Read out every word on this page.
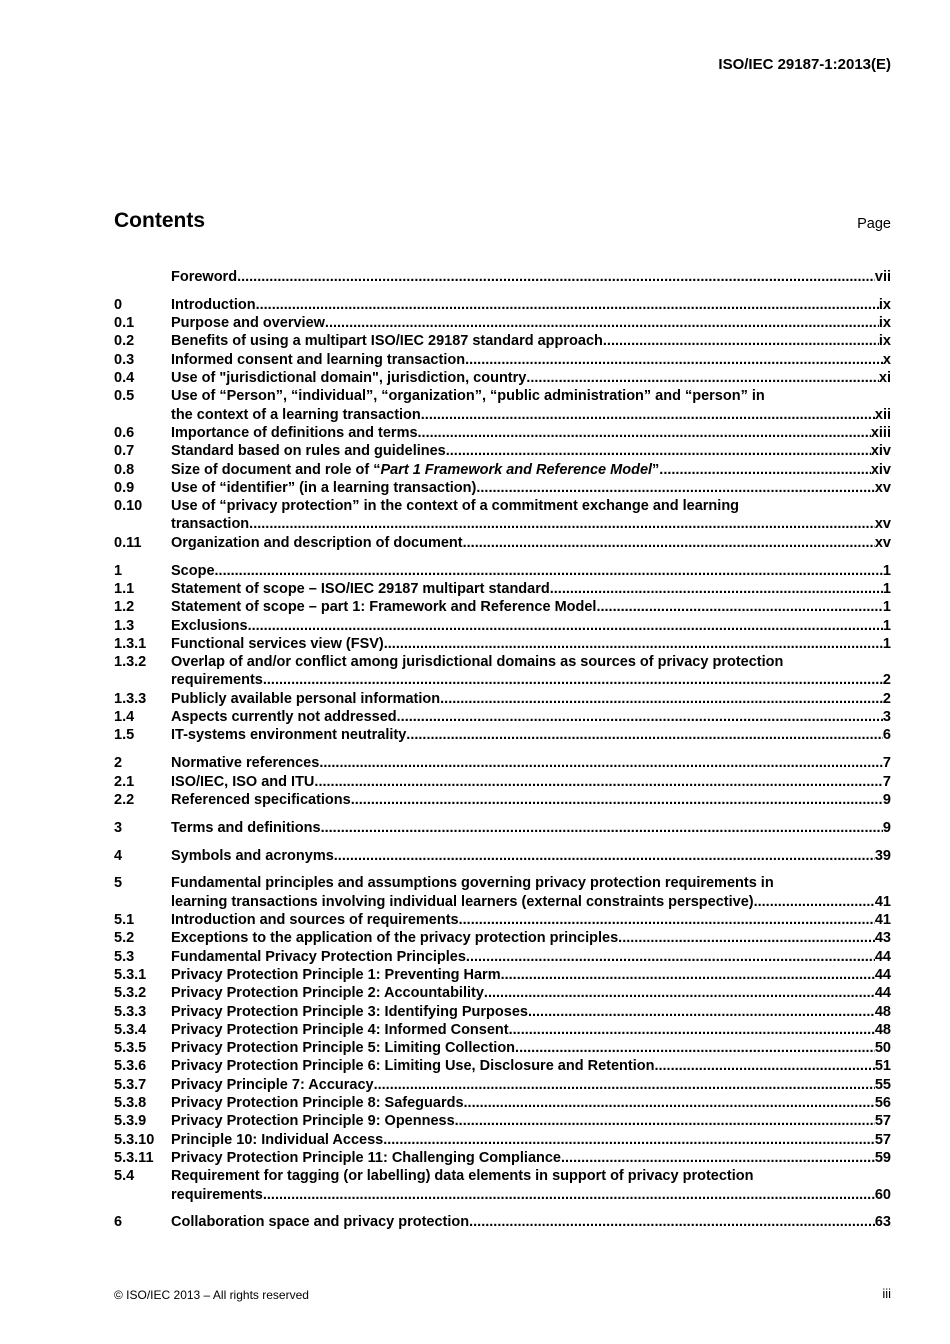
ISO/IEC 29187-1:2013(E)
Contents	Page
Foreword .....	vii
0	Introduction .....	ix
0.1	Purpose and overview .....	ix
0.2	Benefits of using a multipart ISO/IEC 29187 standard approach .....	ix
0.3	Informed consent and learning transaction .....	x
0.4	Use of "jurisdictional domain", jurisdiction, country .....	xi
0.5	Use of “Person”, “individual”, “organization”, “public administration” and “person” in
the context of a learning transaction .....	xii
0.6	Importance of definitions and terms .....	xiii
0.7	Standard based on rules and guidelines .....	xiv
0.8	Size of document and role of “Part 1 Framework and Reference Model” .....	xiv
0.9	Use of “identifier” (in a learning transaction) .....	xv
0.10	Use of “privacy protection” in the context of a commitment exchange and learning
transaction .....	xv
0.11	Organization and description of document .....	xv
1	Scope .....	1
1.1	Statement of scope – ISO/IEC 29187 multipart standard .....	1
1.2	Statement of scope – part 1: Framework and Reference Model .....	1
1.3	Exclusions .....	1
1.3.1	Functional services view (FSV) .....	1
1.3.2	Overlap of and/or conflict among jurisdictional domains as sources of privacy protection
requirements .....	2
1.3.3	Publicly available personal information .....	2
1.4	Aspects currently not addressed .....	3
1.5	IT-systems environment neutrality .....	6
2	Normative references .....	7
2.1	ISO/IEC, ISO and ITU .....	7
2.2	Referenced specifications .....	9
3	Terms and definitions .....	9
4	Symbols and acronyms .....	39
5	Fundamental principles and assumptions governing privacy protection requirements in
learning transactions involving individual learners (external constraints perspective) .....	41
5.1	Introduction and sources of requirements .....	41
5.2	Exceptions to the application of the privacy protection principles .....	43
5.3	Fundamental Privacy Protection Principles .....	44
5.3.1	Privacy Protection Principle 1: Preventing Harm .....	44
5.3.2	Privacy Protection Principle 2: Accountability .....	44
5.3.3	Privacy Protection Principle 3: Identifying Purposes .....	48
5.3.4	Privacy Protection Principle 4: Informed Consent .....	48
5.3.5	Privacy Protection Principle 5: Limiting Collection .....	50
5.3.6	Privacy Protection Principle 6: Limiting Use, Disclosure and Retention .....	51
5.3.7	Privacy Principle 7: Accuracy .....	55
5.3.8	Privacy Protection Principle 8: Safeguards .....	56
5.3.9	Privacy Protection Principle 9: Openness .....	57
5.3.10	Principle 10: Individual Access .....	57
5.3.11	Privacy Protection Principle 11: Challenging Compliance .....	59
5.4	Requirement for tagging (or labelling) data elements in support of privacy protection
requirements .....	60
6	Collaboration space and privacy protection .....	63
© ISO/IEC 2013 – All rights reserved	iii
